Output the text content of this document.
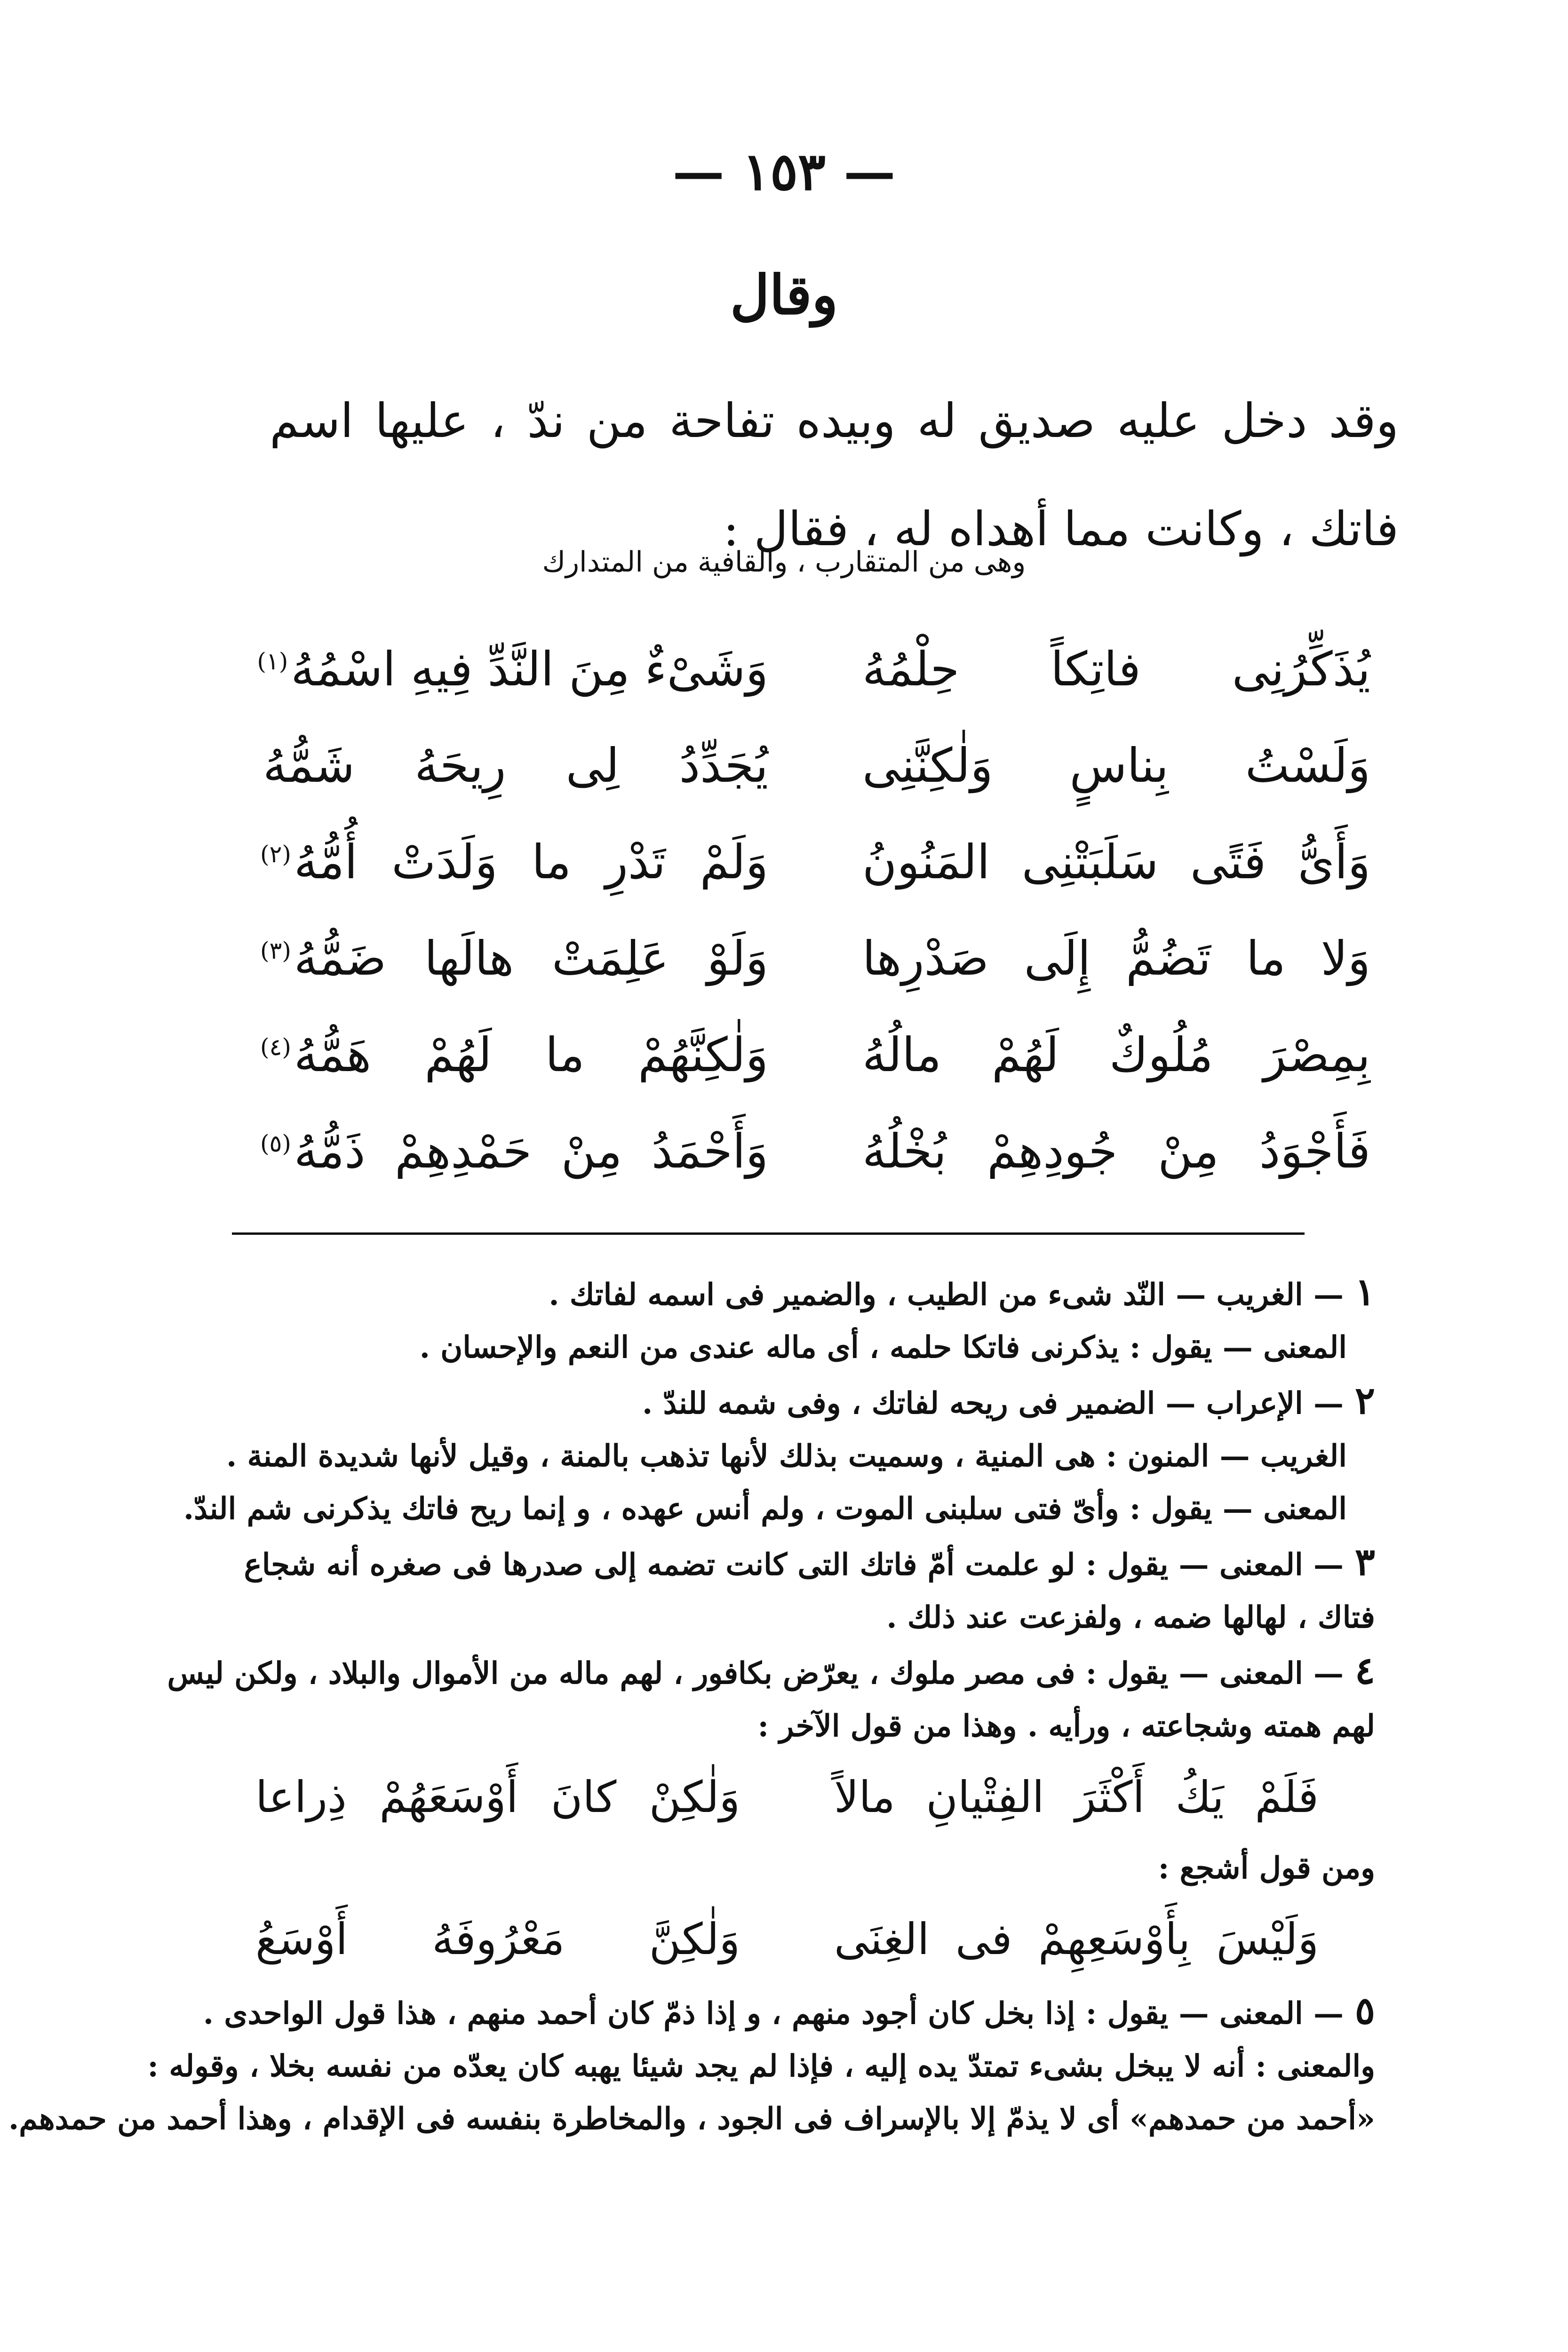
— ١٥٣ —
وقال
وقد دخل عليه صديق له وبيده تفاحة من ندّ ، عليها اسم فاتك ، وكانت مما أهداه له ، فقال :
وهى من المتقارب ، والقافية من المتدارك
يُذَكِّرُنِى فاتِكاً حِلْمُهُ
وَشَىْءٌ مِنَ النَّدِّ فِيهِ اسْمُهُ$^{(١)}$
وَلَسْتُ بِناسٍ وَلٰكِنَّنِى
يُجَدِّدُ لِى رِيحَهُ شَمُّهُ
وَأَىُّ فَتًى سَلَبَتْنِى المَنُونُ
وَلَمْ تَدْرِ ما وَلَدَتْ أُمُّهُ$^{(٢)}$
وَلا ما تَضُمُّ إِلَى صَدْرِها
وَلَوْ عَلِمَتْ هالَها ضَمُّهُ$^{(٣)}$
بِمِصْرَ مُلُوكٌ لَهُمْ مالُهُ
وَلٰكِنَّهُمْ ما لَهُمْ هَمُّهُ$^{(٤)}$
فَأَجْوَدُ مِنْ جُودِهِمْ بُخْلُهُ
وَأَحْمَدُ مِنْ حَمْدِهِمْ ذَمُّهُ$^{(٥)}$
١— الغريب — النّد شىء من الطيب ، والضمير فى اسمه لفاتك .
المعنى — يقول : يذكرنى فاتكا حلمه ، أى ماله عندى من النعم والإحسان .
٢— الإعراب — الضمير فى ريحه لفاتك ، وفى شمه للندّ .
الغريب — المنون : هى المنية ، وسميت بذلك لأنها تذهب بالمنة ، وقيل لأنها شديدة المنة .
المعنى — يقول : وأىّ فتى سلبنى الموت ، ولم أنس عهده ، و إنما ريح فاتك يذكرنى شم الندّ.
٣— المعنى — يقول : لو علمت أمّ فاتك التى كانت تضمه إلى صدرها فى صغره أنه شجاع
فتاك ، لهالها ضمه ، ولفزعت عند ذلك .
٤— المعنى — يقول : فى مصر ملوك ، يعرّض بكافور ، لهم ماله من الأموال والبلاد ، ولكن ليس
لهم همته وشجاعته ، ورأيه . وهذا من قول الآخر :
فَلَمْ يَكُ أَكْثَرَ الفِتْيانِ مالاً
وَلٰكِنْ كانَ أَوْسَعَهُمْ ذِراعا
ومن قول أشجع :
وَلَيْسَ بِأَوْسَعِهِمْ فى الغِنَى
وَلٰكِنَّ مَعْرُوفَهُ أَوْسَعُ
٥— المعنى — يقول : إذا بخل كان أجود منهم ، و إذا ذمّ كان أحمد منهم ، هذا قول الواحدى .
والمعنى : أنه لا يبخل بشىء تمتدّ يده إليه ، فإذا لم يجد شيئا يهبه كان يعدّه من نفسه بخلا ، وقوله :
«أحمد من حمدهم» أى لا يذمّ إلا بالإسراف فى الجود ، والمخاطرة بنفسه فى الإقدام ، وهذا أحمد من حمدهم.
